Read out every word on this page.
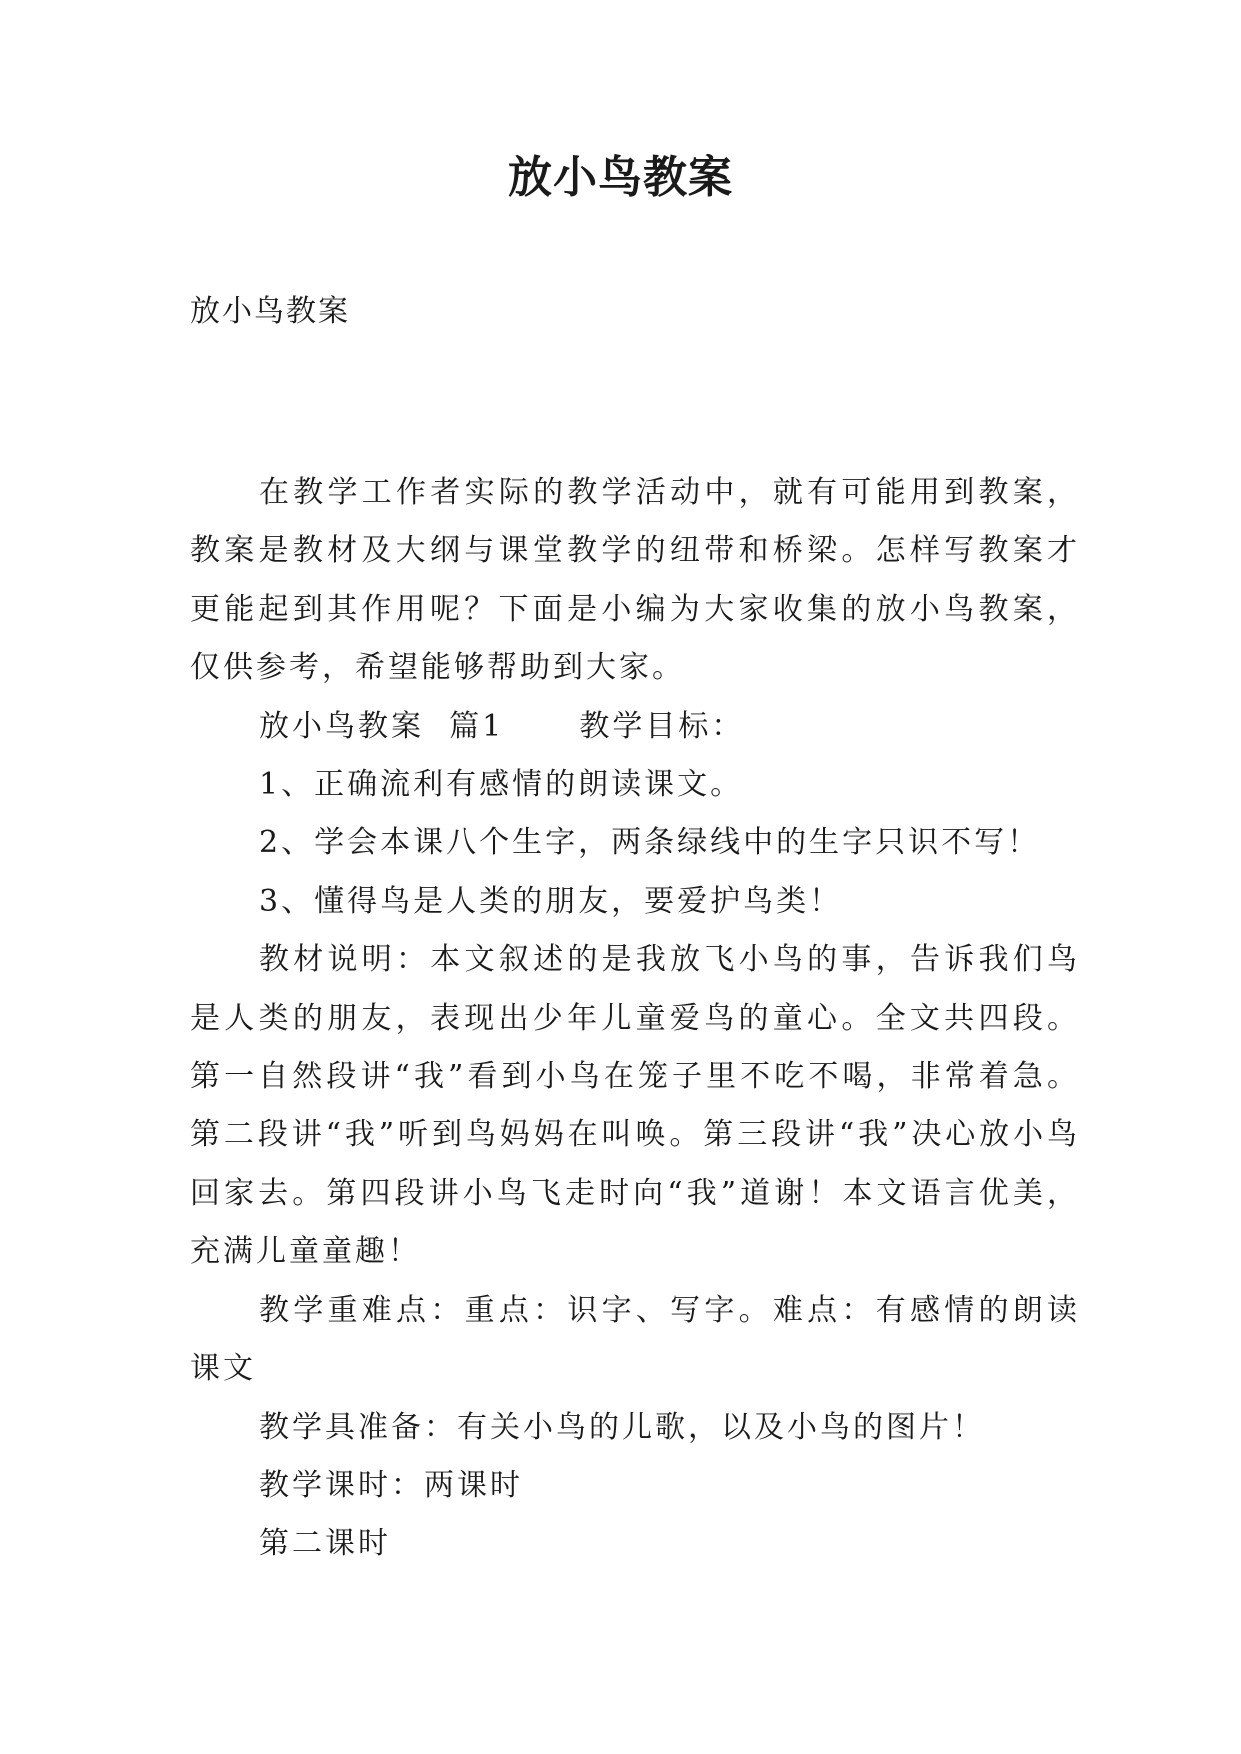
放小鸟教案
放小鸟教案

在教学工作者实际的教学活动中，就有可能用到教案，教案是教材及大纲与课堂教学的纽带和桥梁。怎样写教案才更能起到其作用呢？下面是小编为大家收集的放小鸟教案，仅供参考，希望能够帮助到大家。

放小鸟教案  篇1      教学目标：

1、正确流利有感情的朗读课文。

2、学会本课八个生字，两条绿线中的生字只识不写！

3、懂得鸟是人类的朋友，要爱护鸟类！

教材说明：本文叙述的是我放飞小鸟的事，告诉我们鸟是人类的朋友，表现出少年儿童爱鸟的童心。全文共四段。第一自然段讲“我”看到小鸟在笼子里不吃不喝，非常着急。第二段讲“我”听到鸟妈妈在叫唤。第三段讲“我”决心放小鸟回家去。第四段讲小鸟飞走时向“我”道谢！本文语言优美，充满儿童童趣！

教学重难点：重点：识字、写字。难点：有感情的朗读课文

教学具准备：有关小鸟的儿歌，以及小鸟的图片！

教学课时：两课时

第二课时
